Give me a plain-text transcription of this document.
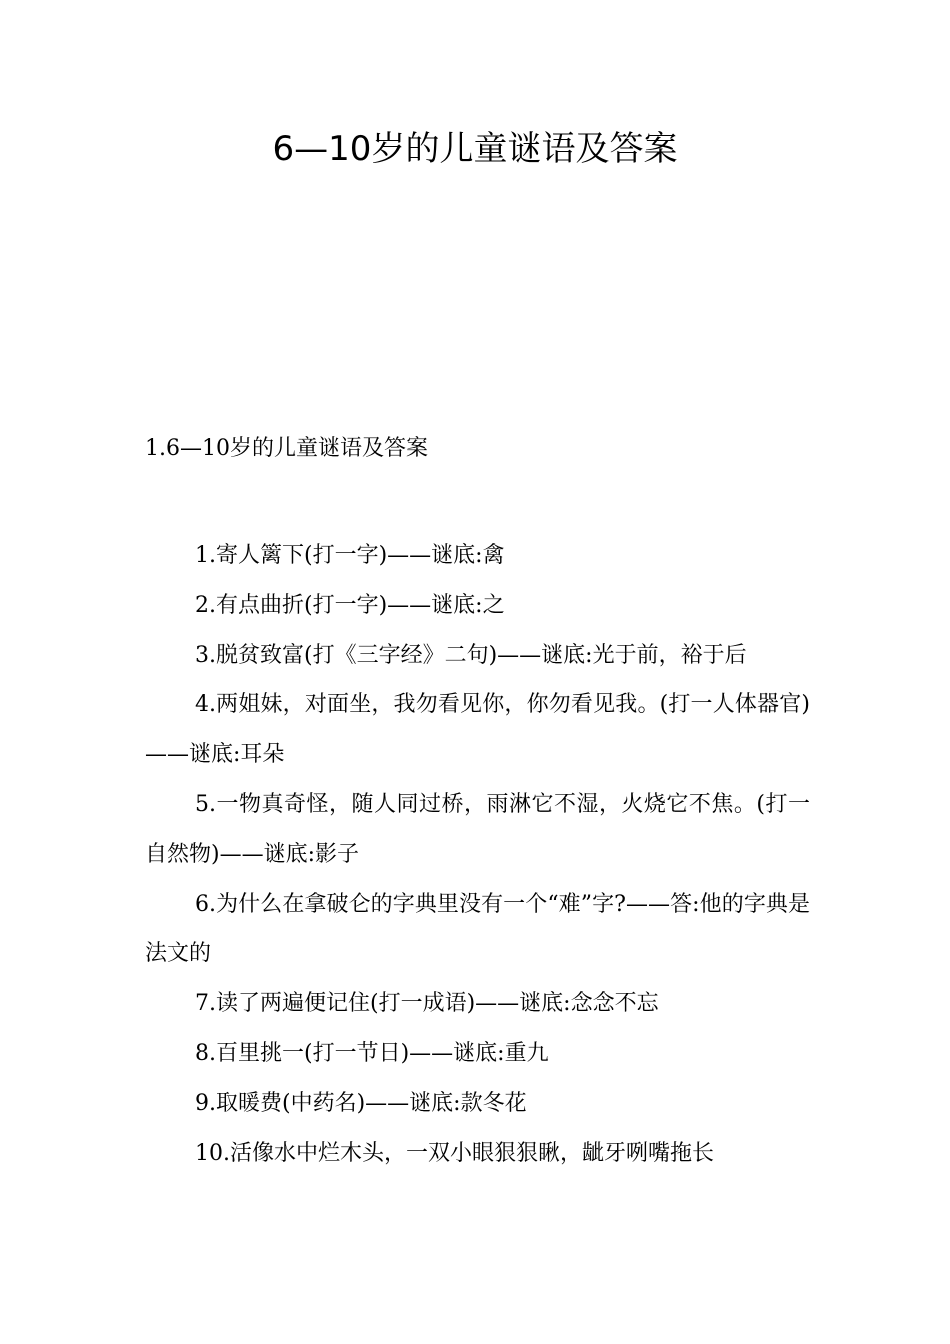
6—10岁的儿童谜语及答案
1.6—10岁的儿童谜语及答案

1.寄人篱下(打一字)——谜底:禽

2.有点曲折(打一字)——谜底:之

3.脱贫致富(打《三字经》二句)——谜底:光于前，裕于后

4.两姐妹，对面坐，我勿看见你，你勿看见我。(打一人体器官)——谜底:耳朵

5.一物真奇怪，随人同过桥，雨淋它不湿，火烧它不焦。(打一自然物)——谜底:影子

6.为什么在拿破仑的字典里没有一个“难”字?——答:他的字典是法文的

7.读了两遍便记住(打一成语)——谜底:念念不忘

8.百里挑一(打一节日)——谜底:重九

9.取暖费(中药名)——谜底:款冬花

10.活像水中烂木头，一双小眼狠狠瞅，龇牙咧嘴拖长
